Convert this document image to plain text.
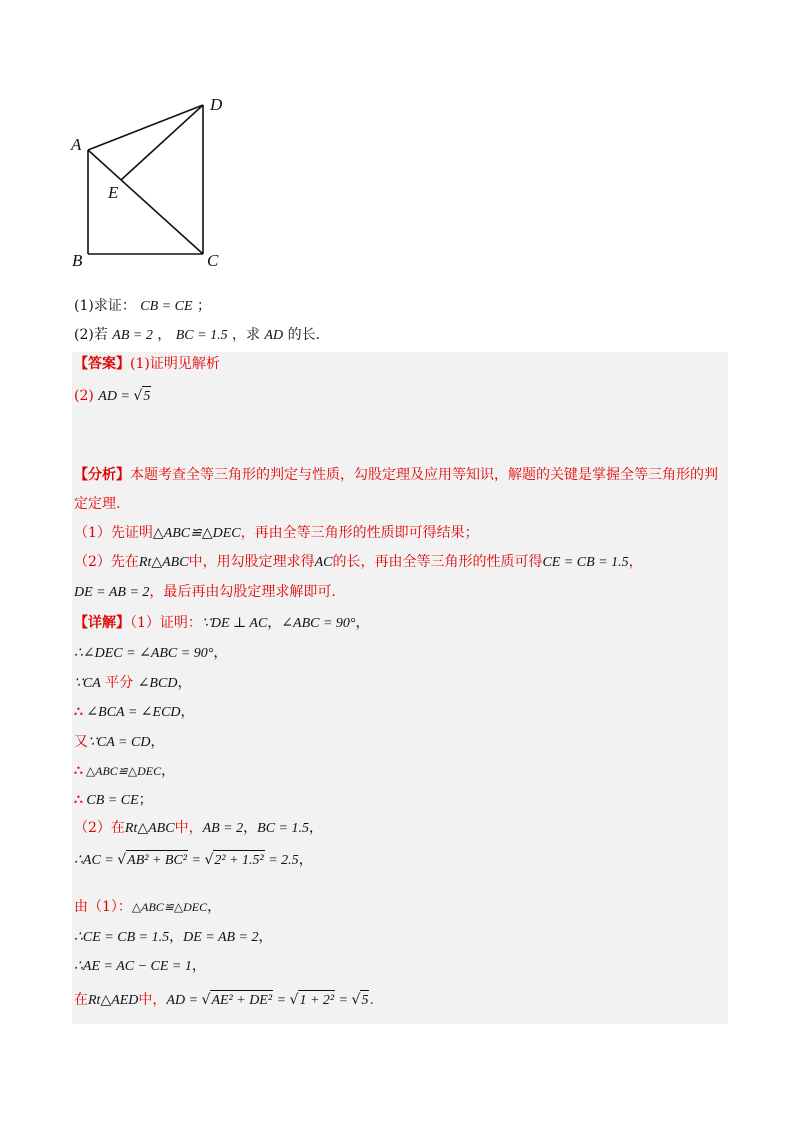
A
B	C
D
E
(1)求证： CB = CE ；
(2)若 AB = 2 ， BC = 1.5 ，求 AD 的长.
【答案】(1)证明见解析
(2) AD = √5
【分析】本题考查全等三角形的判定与性质，勾股定理及应用等知识，解题的关键是掌握全等三角形的判
定定理.
（1）先证明△ABC≌△DEC，再由全等三角形的性质即可得结果；
（2）先在Rt△ABC中，用勾股定理求得AC的长，再由全等三角形的性质可得CE = CB = 1.5，
DE = AB = 2，最后再由勾股定理求解即可.
【详解】（1）证明：∵DE ⊥ AC，∠ABC = 90°，
∴∠DEC = ∠ABC = 90°，
∵CA 平分 ∠BCD，
∴ ∠BCA = ∠ECD，
又∵CA = CD，
∴ △ABC≌△DEC，
∴ CB = CE；
（2）在Rt△ABC中，AB = 2，BC = 1.5，
∴AC = √AB² + BC² = √2² + 1.5² = 2.5，
由（1）：△ABC≌△DEC，
∴CE = CB = 1.5，DE = AB = 2，
∴AE = AC − CE = 1，
在Rt△AED中，AD = √AE² + DE² = √1 + 2² = √5.
